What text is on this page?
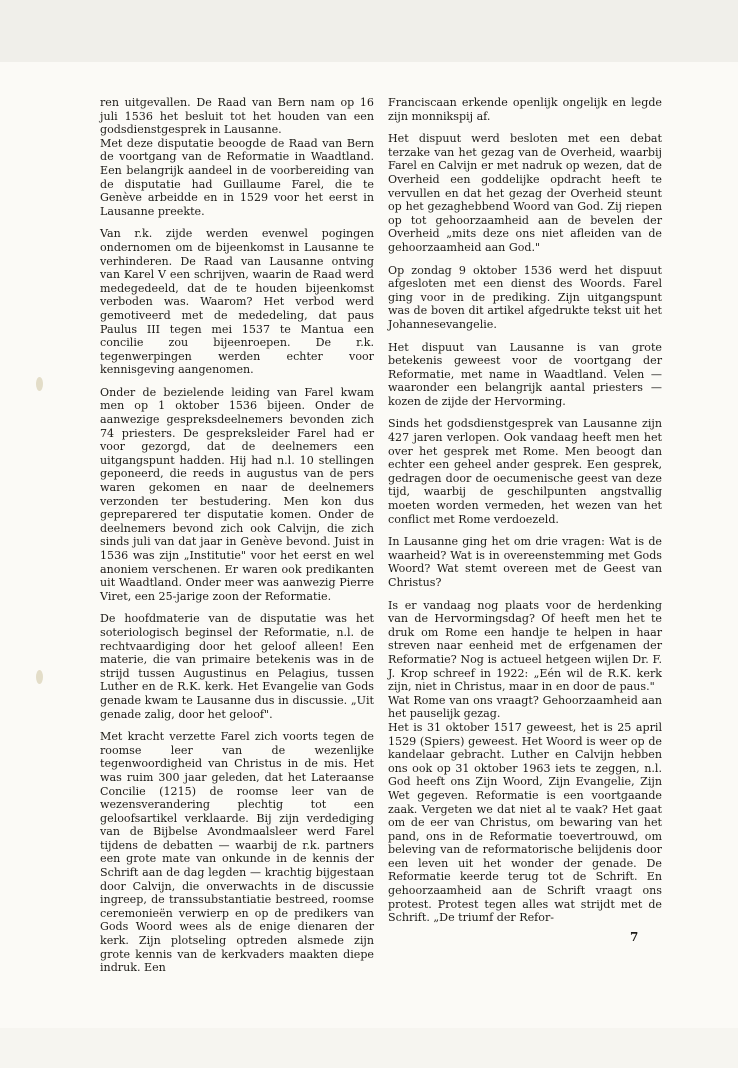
ren uitgevallen. De Raad van Bern nam op 16 juli 1536 het besluit tot het houden van een godsdienstgesprek in Lausanne.

Met deze disputatie beoogde de Raad van Bern de voortgang van de Reformatie in Waadtland. Een belangrijk aandeel in de voorbereiding van de disputatie had Guillaume Farel, die te Genève arbeidde en in 1529 voor het eerst in Lausanne preekte.

Van r.k. zijde werden evenwel pogingen ondernomen om de bijeenkomst in Lausanne te verhinderen. De Raad van Lausanne ontving van Karel V een schrijven, waarin de Raad werd medegedeeld, dat de te houden bijeenkomst verboden was. Waarom? Het verbod werd gemotiveerd met de mededeling, dat paus Paulus III tegen mei 1537 te Mantua een concilie zou bijeenroepen. De r.k. tegenwerpingen werden echter voor kennisgeving aangenomen.

Onder de bezielende leiding van Farel kwam men op 1 oktober 1536 bijeen. Onder de aanwezige gespreksdeelnemers bevonden zich 74 priesters. De gespreksleider Farel had er voor gezorgd, dat de deelnemers een uitgangspunt hadden. Hij had n.l. 10 stellingen geponeerd, die reeds in augustus van de pers waren gekomen en naar de deelnemers verzonden ter bestudering. Men kon dus gepreparered ter disputatie komen. Onder de deelnemers bevond zich ook Calvijn, die zich sinds juli van dat jaar in Genève bevond. Juist in 1536 was zijn „Institutie" voor het eerst en wel anoniem verschenen. Er waren ook predikanten uit Waadtland. Onder meer was aanwezig Pierre Viret, een 25-jarige zoon der Reformatie.

De hoofdmaterie van de disputatie was het soteriologisch beginsel der Reformatie, n.l. de rechtvaardiging door het geloof alleen! Een materie, die van primaire betekenis was in de strijd tussen Augustinus en Pelagius, tussen Luther en de R.K. kerk. Het Evangelie van Gods genade kwam te Lausanne dus in discussie. „Uit genade zalig, door het geloof".

Met kracht verzette Farel zich voorts tegen de roomse leer van de wezenlijke tegenwoordigheid van Christus in de mis. Het was ruim 300 jaar geleden, dat het Lateraanse Concilie (1215) de roomse leer van de wezensverandering plechtig tot een geloofsartikel verklaarde. Bij zijn verdediging van de Bijbelse Avondmaalsleer werd Farel tijdens de debatten — waarbij de r.k. partners een grote mate van onkunde in de kennis der Schrift aan de dag legden — krachtig bijgestaan door Calvijn, die onverwachts in de discussie ingreep, de transsubstantiatie bestreed, roomse ceremonieën verwierp en op de predikers van Gods Woord wees als de enige dienaren der kerk. Zijn plotseling optreden alsmede zijn grote kennis van de kerkvaders maakten diepe indruk. Een

Franciscaan erkende openlijk ongelijk en legde zijn monnikspij af.

Het dispuut werd besloten met een debat terzake van het gezag van de Overheid, waarbij Farel en Calvijn er met nadruk op wezen, dat de Overheid een goddelijke opdracht heeft te vervullen en dat het gezag der Overheid steunt op het gezaghebbend Woord van God. Zij riepen op tot gehoorzaamheid aan de bevelen der Overheid „mits deze ons niet afleiden van de gehoorzaamheid aan God."

Op zondag 9 oktober 1536 werd het dispuut afgesloten met een dienst des Woords. Farel ging voor in de prediking. Zijn uitgangspunt was de boven dit artikel afgedrukte tekst uit het Johannesevangelie.

Het dispuut van Lausanne is van grote betekenis geweest voor de voortgang der Reformatie, met name in Waadtland. Velen — waaronder een belangrijk aantal priesters — kozen de zijde der Hervorming.

Sinds het godsdienstgesprek van Lausanne zijn 427 jaren verlopen. Ook vandaag heeft men het over het gesprek met Rome. Men beoogt dan echter een geheel ander gesprek. Een gesprek, gedragen door de oecumenische geest van deze tijd, waarbij de geschilpunten angstvallig moeten worden vermeden, het wezen van het conflict met Rome verdoezeld.

In Lausanne ging het om drie vragen: Wat is de waarheid? Wat is in overeenstemming met Gods Woord? Wat stemt overeen met de Geest van Christus?

Is er vandaag nog plaats voor de herdenking van de Hervormingsdag? Of heeft men het te druk om Rome een handje te helpen in haar streven naar eenheid met de erfgenamen der Reformatie? Nog is actueel hetgeen wijlen Dr. F. J. Krop schreef in 1922: „Eén wil de R.K. kerk zijn, niet in Christus, maar in en door de paus."

Wat Rome van ons vraagt? Gehoorzaamheid aan het pauselijk gezag.

Het is 31 oktober 1517 geweest, het is 25 april 1529 (Spiers) geweest. Het Woord is weer op de kandelaar gebracht. Luther en Calvijn hebben ons ook op 31 oktober 1963 iets te zeggen, n.l. God heeft ons Zijn Woord, Zijn Evangelie, Zijn Wet gegeven. Reformatie is een voortgaande zaak. Vergeten we dat niet al te vaak? Het gaat om de eer van Christus, om bewaring van het pand, ons in de Reformatie toevertrouwd, om beleving van de reformatorische belijdenis door een leven uit het wonder der genade. De Reformatie keerde terug tot de Schrift. En gehoorzaamheid aan de Schrift vraagt ons protest. Protest tegen alles wat strijdt met de Schrift. „De triumf der Refor-

7
